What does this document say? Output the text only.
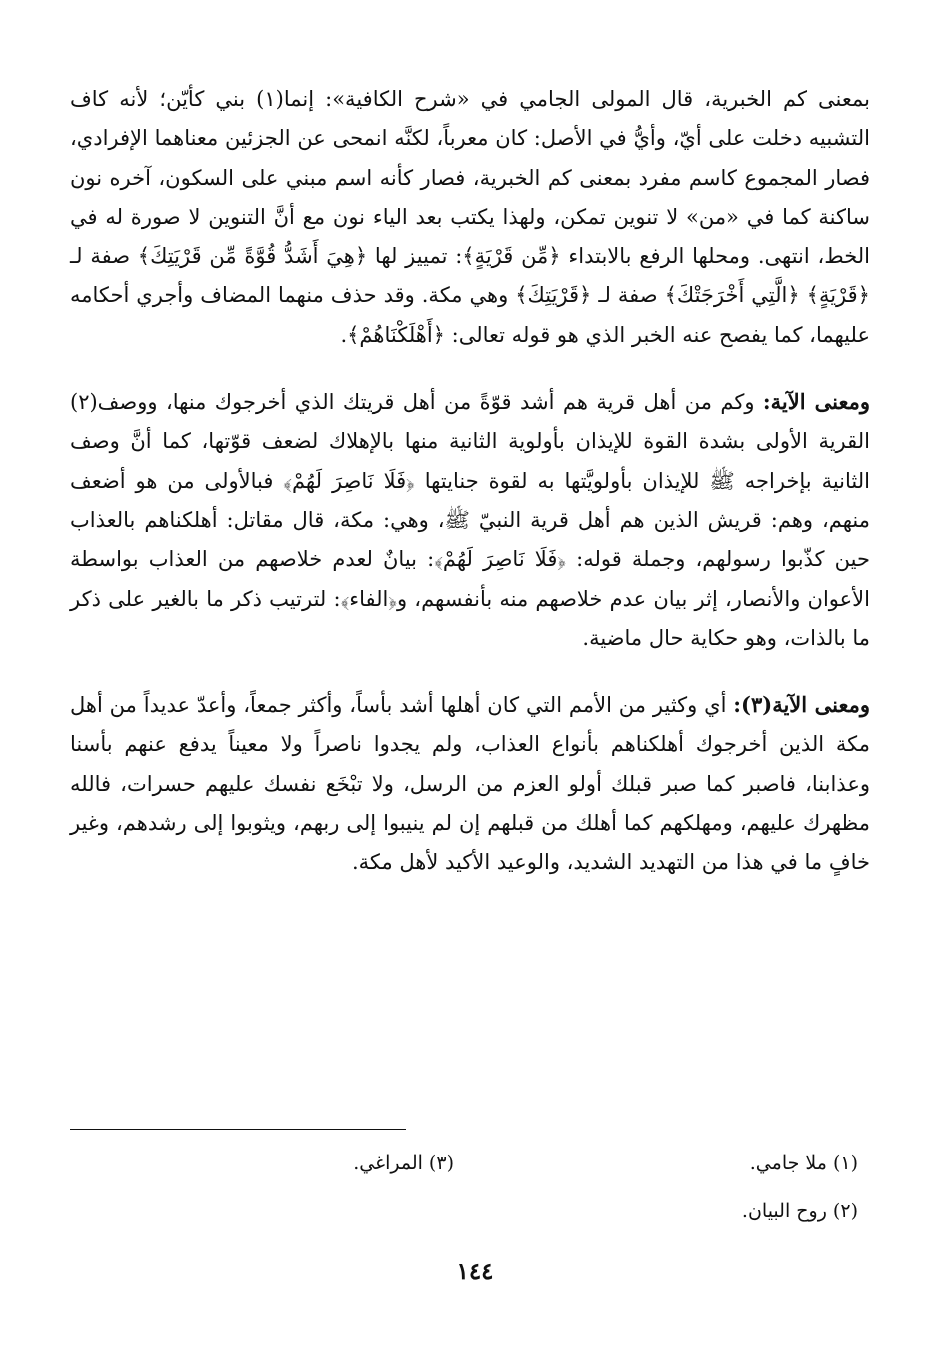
بمعنى كم الخبرية، قال المولى الجامي في «شرح الكافية»: إنما(١) بني كأيّن؛ لأنه كاف التشبيه دخلت على أيّ، وأيُّ في الأصل: كان معرباً، لكنَّه انمحى عن الجزئين معناهما الإفرادي، فصار المجموع كاسم مفرد بمعنى كم الخبرية، فصار كأنه اسم مبني على السكون، آخره نون ساكنة كما في «من» لا تنوين تمكن، ولهذا يكتب بعد الياء نون مع أنَّ التنوين لا صورة له في الخط، انتهى. ومحلها الرفع بالابتداء ﴿مِّن قَرْيَةٍ﴾: تمييز لها ﴿هِيَ أَشَدُّ قُوَّةً مِّن قَرْيَتِكَ﴾ صفة لـ ﴿قَرْيَةٍ﴾ ﴿الَّتِي أَخْرَجَتْكَ﴾ صفة لـ ﴿قَرْيَتِكَ﴾ وهي مكة. وقد حذف منهما المضاف وأجري أحكامه عليهما، كما يفصح عنه الخبر الذي هو قوله تعالى: ﴿أَهْلَكْنَاهُمْ﴾.

ومعنى الآية: وكم من أهل قرية هم أشد قوّةً من أهل قريتك الذي أخرجوك منها، ووصف(٢) القرية الأولى بشدة القوة للإيذان بأولوية الثانية منها بالإهلاك لضعف قوّتها، كما أنَّ وصف الثانية بإخراجه ﷺ للإيذان بأولويَّتها به لقوة جنايتها ﴿فَلَا نَاصِرَ لَهُمْ﴾ فبالأولى من هو أضعف منهم، وهم: قريش الذين هم أهل قرية النبيّ ﷺ، وهي: مكة، قال مقاتل: أهلكناهم بالعذاب حين كذّبوا رسولهم، وجملة قوله: ﴿فَلَا نَاصِرَ لَهُمْ﴾: بيانٌ لعدم خلاصهم من العذاب بواسطة الأعوان والأنصار، إثر بيان عدم خلاصهم منه بأنفسهم، و﴿الفاء﴾: لترتيب ذكر ما بالغير على ذكر ما بالذات، وهو حكاية حال ماضية.

ومعنى الآية(٣): أي وكثير من الأمم التي كان أهلها أشد بأساً، وأكثر جمعاً، وأعدّ عديداً من أهل مكة الذين أخرجوك أهلكناهم بأنواع العذاب، ولم يجدوا ناصراً ولا معيناً يدفع عنهم بأسنا وعذابنا، فاصبر كما صبر قبلك أولو العزم من الرسل، ولا تبْخَع نفسك عليهم حسرات، فالله مظهرك عليهم، ومهلكهم كما أهلك من قبلهم إن لم ينيبوا إلى ربهم، ويثوبوا إلى رشدهم، وغير خافٍ ما في هذا من التهديد الشديد، والوعيد الأكيد لأهل مكة.

(١) ملا جامي.
(٣) المراغي.
(٢) روح البيان.
١٤٤
